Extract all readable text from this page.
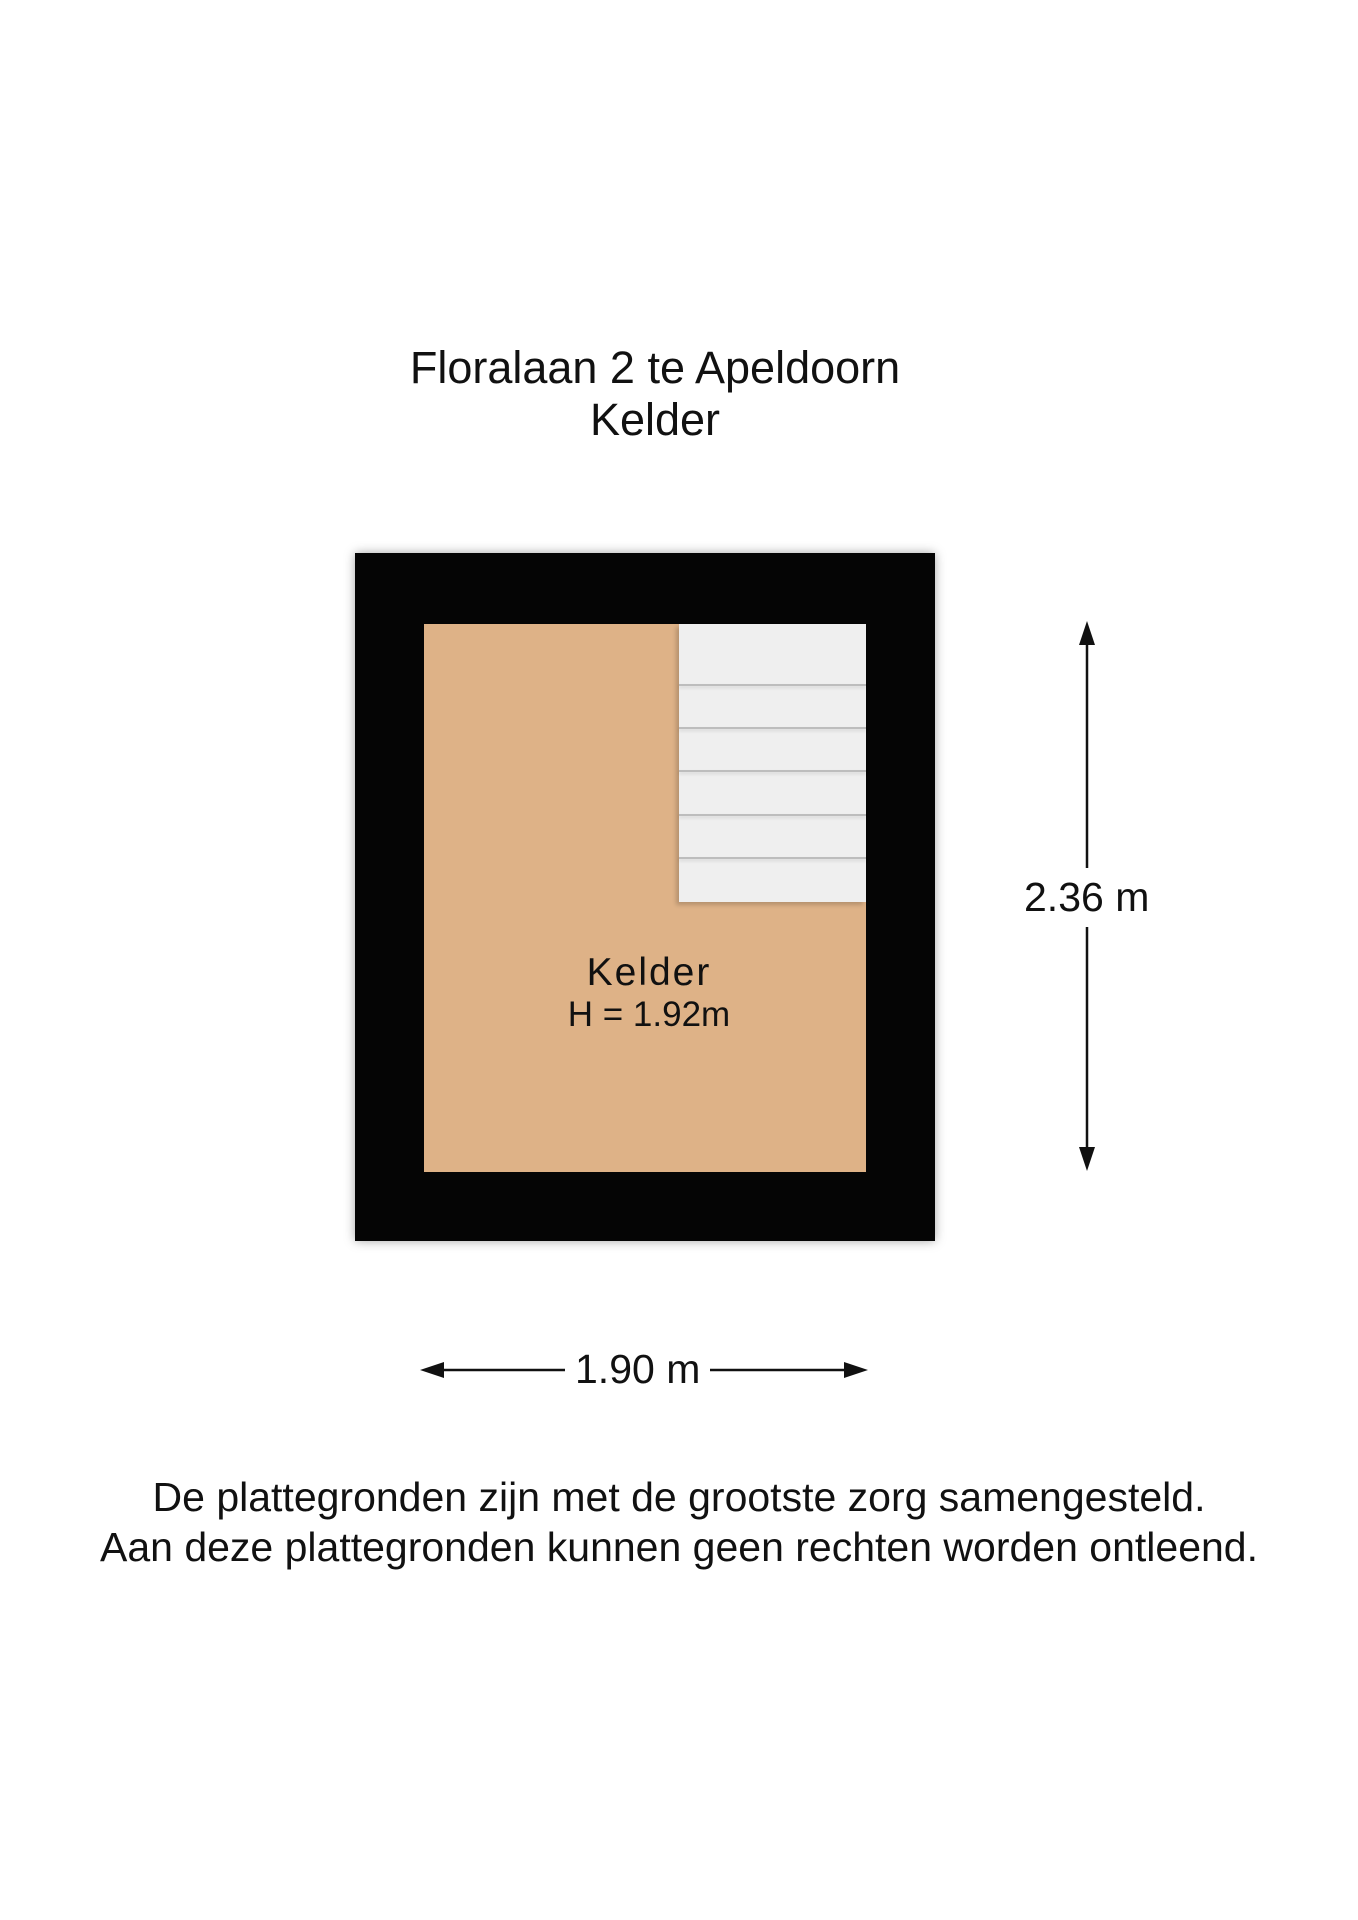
Floralaan 2 te Apeldoorn
Kelder
Kelder
H = 1.92m
2.36 m
1.90 m
De plattegronden zijn met de grootste zorg samengesteld.
Aan deze plattegronden kunnen geen rechten worden ontleend.
